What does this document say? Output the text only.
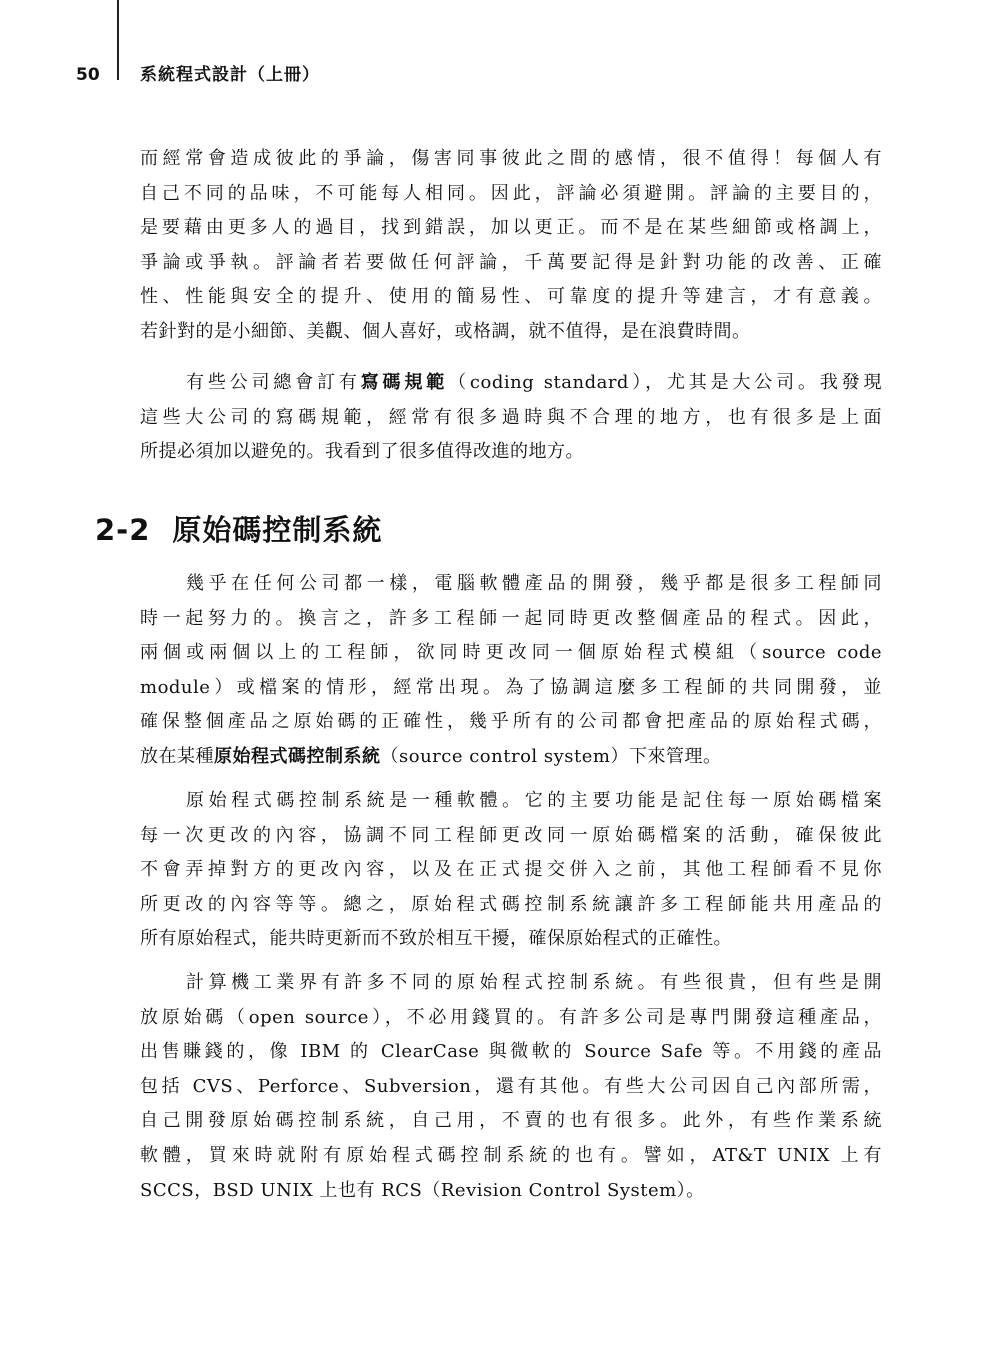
50 系統程式設計（上冊）

而經常會造成彼此的爭論，傷害同事彼此之間的感情，很不值得！每個人有
自己不同的品味，不可能每人相同。因此，評論必須避開。評論的主要目的，
是要藉由更多人的過目，找到錯誤，加以更正。而不是在某些細節或格調上，
爭論或爭執。評論者若要做任何評論，千萬要記得是針對功能的改善、正確
性、性能與安全的提升、使用的簡易性、可靠度的提升等建言，才有意義。
若針對的是小細節、美觀、個人喜好，或格調，就不值得，是在浪費時間。

有些公司總會訂有寫碼規範（coding standard），尤其是大公司。我發現
這些大公司的寫碼規範，經常有很多過時與不合理的地方，也有很多是上面
所提必須加以避免的。我看到了很多值得改進的地方。

2-2 原始碼控制系統

幾乎在任何公司都一樣，電腦軟體產品的開發，幾乎都是很多工程師同
時一起努力的。換言之，許多工程師一起同時更改整個產品的程式。因此，
兩個或兩個以上的工程師，欲同時更改同一個原始程式模組（source code
module）或檔案的情形，經常出現。為了協調這麼多工程師的共同開發，並
確保整個產品之原始碼的正確性，幾乎所有的公司都會把產品的原始程式碼，
放在某種原始程式碼控制系統（source control system）下來管理。

原始程式碼控制系統是一種軟體。它的主要功能是記住每一原始碼檔案
每一次更改的內容，協調不同工程師更改同一原始碼檔案的活動，確保彼此
不會弄掉對方的更改內容，以及在正式提交併入之前，其他工程師看不見你
所更改的內容等等。總之，原始程式碼控制系統讓許多工程師能共用產品的
所有原始程式，能共時更新而不致於相互干擾，確保原始程式的正確性。

計算機工業界有許多不同的原始程式控制系統。有些很貴，但有些是開
放原始碼（open source），不必用錢買的。有許多公司是專門開發這種產品，
出售賺錢的，像 IBM 的 ClearCase 與微軟的 Source Safe 等。不用錢的產品
包括 CVS、Perforce、Subversion，還有其他。有些大公司因自己內部所需，
自己開發原始碼控制系統，自己用，不賣的也有很多。此外，有些作業系統
軟體，買來時就附有原始程式碼控制系統的也有。譬如，AT&T UNIX 上有
SCCS，BSD UNIX 上也有 RCS（Revision Control System）。
